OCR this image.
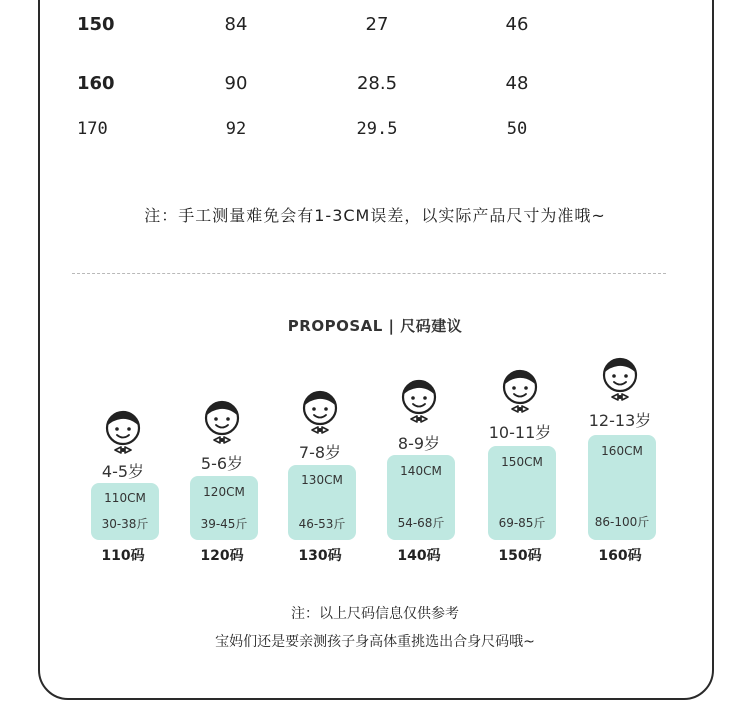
150	84	27	46
160	90	28.5	48
170	92	29.5	50
注：手工测量难免会有1-3CM误差，以实际产品尺寸为准哦~
PROPOSAL | 尺码建议
4-5岁
110CM
30-38斤
110码
5-6岁
120CM
39-45斤
120码
7-8岁
130CM
46-53斤
130码
8-9岁
140CM
54-68斤
140码
10-11岁
150CM
69-85斤
150码
12-13岁
160CM
86-100斤
160码
注：以上尺码信息仅供参考
宝妈们还是要亲测孩子身高体重挑选出合身尺码哦~
